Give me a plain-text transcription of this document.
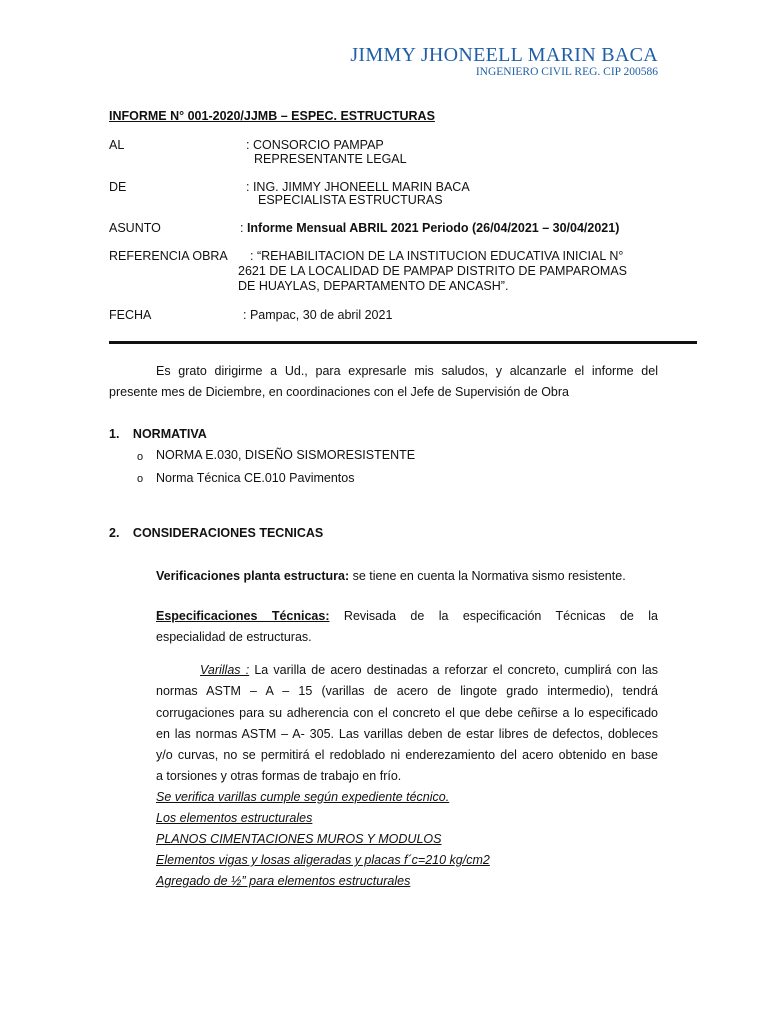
JIMMY JHONEELL MARIN BACA
INGENIERO CIVIL REG. CIP 200586
INFORME N° 001-2020/JJMB – ESPEC. ESTRUCTURAS
AL	: CONSORCIO PAMPAP
REPRESENTANTE LEGAL
DE	: ING. JIMMY JHONEELL MARIN BACA
ESPECIALISTA ESTRUCTURAS
ASUNTO	: Informe Mensual ABRIL 2021 Periodo (26/04/2021 – 30/04/2021)
REFERENCIA OBRA : “REHABILITACION DE LA INSTITUCION EDUCATIVA INICIAL N°
2621 DE LA LOCALIDAD DE PAMPAP DISTRITO DE PAMPAROMAS
DE HUAYLAS, DEPARTAMENTO DE ANCASH”.
FECHA	: Pampac, 30 de abril 2021
Es grato dirigirme a Ud., para expresarle mis saludos, y alcanzarle el informe del
presente mes de Diciembre, en coordinaciones con el Jefe de Supervisión de Obra
1. NORMATIVA
o NORMA E.030, DISEÑO SISMORESISTENTE
o Norma Técnica CE.010 Pavimentos
2. CONSIDERACIONES TECNICAS
Verificaciones planta estructura: se tiene en cuenta la Normativa sismo resistente.
Especificaciones Técnicas: Revisada de la especificación Técnicas de la
especialidad de estructuras.
Varillas : La varilla de acero destinadas a reforzar el concreto, cumplirá con las
normas ASTM – A – 15 (varillas de acero de lingote grado intermedio), tendrá
corrugaciones para su adherencia con el concreto el que debe ceñirse a lo especificado
en las normas ASTM – A- 305. Las varillas deben de estar libres de defectos, dobleces
y/o curvas, no se permitirá el redoblado ni enderezamiento del acero obtenido en base
a torsiones y otras formas de trabajo en frío.
Se verifica varillas cumple según expediente técnico.
Los elementos estructurales
PLANOS CIMENTACIONES MUROS Y MODULOS
Elementos vigas y losas aligeradas y placas f´c=210 kg/cm2
Agregado de ½” para elementos estructurales
